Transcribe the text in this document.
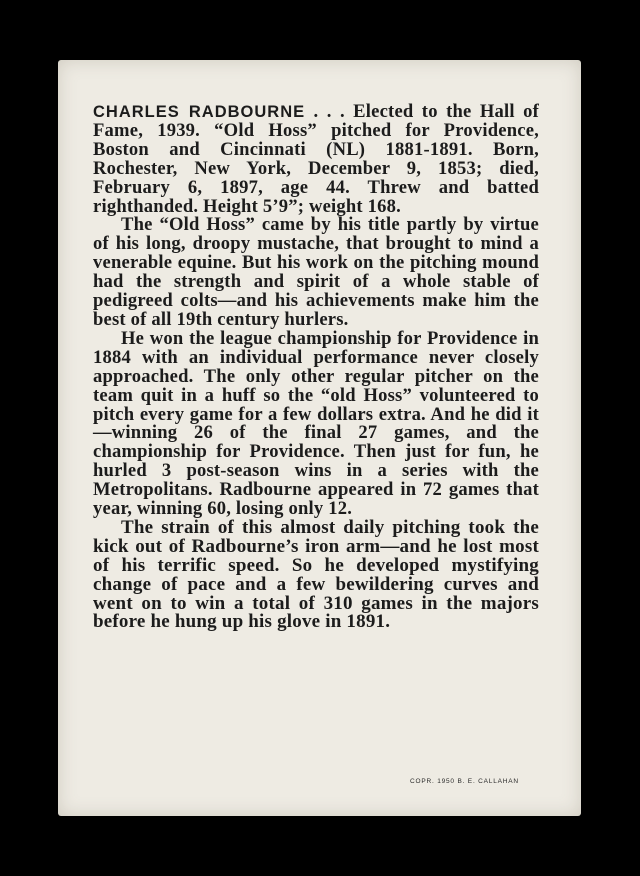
CHARLES RADBOURNE . . . Elected to the Hall of Fame, 1939. “Old Hoss” pitched for Providence, Boston and Cincinnati (NL) 1881-1891. Born, Rochester, New York, December 9, 1853; died, February 6, 1897, age 44. Threw and batted righthanded. Height 5’9”; weight 168.

The “Old Hoss” came by his title partly by virtue of his long, droopy mustache, that brought to mind a venerable equine. But his work on the pitching mound had the strength and spirit of a whole stable of pedigreed colts—and his achievements make him the best of all 19th century hurlers.

He won the league championship for Providence in 1884 with an individual performance never closely approached. The only other regular pitcher on the team quit in a huff so the “old Hoss” volunteered to pitch every game for a few dollars extra. And he did it—winning 26 of the final 27 games, and the championship for Providence. Then just for fun, he hurled 3 post-season wins in a series with the Metropolitans. Radbourne appeared in 72 games that year, winning 60, losing only 12.

The strain of this almost daily pitching took the kick out of Radbourne’s iron arm—and he lost most of his terrific speed. So he developed mystifying change of pace and a few bewildering curves and went on to win a total of 310 games in the majors before he hung up his glove in 1891.

COPR. 1950 B. E. CALLAHAN
